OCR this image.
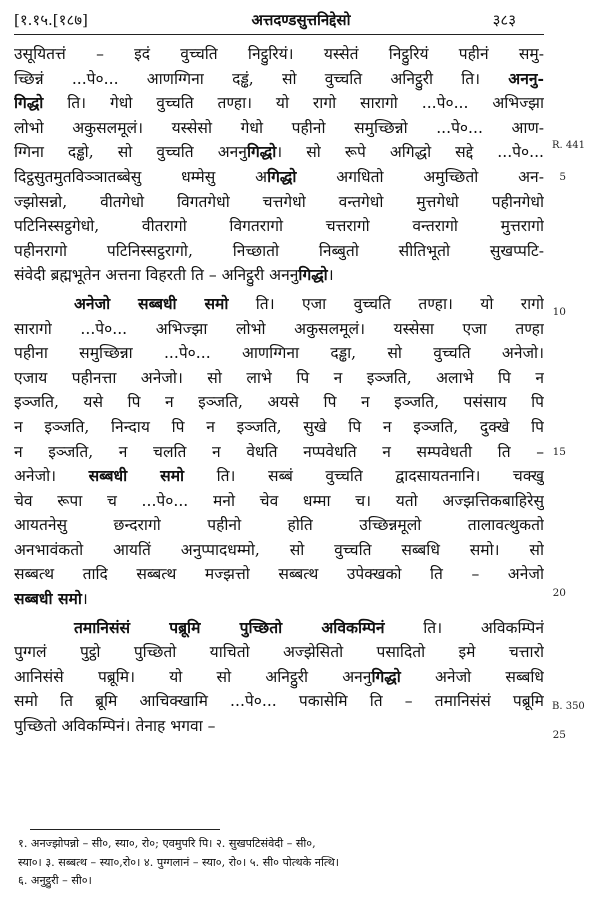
[१.१५.[१८७]	अत्तदण्डसुत्तनिद्देसो	३८३
उसूयितत्तं – इदं वुच्चति निट्ठुरियं। यस्सेतं निट्ठुरियं पहीनं समु-
च्छिन्नं ...पे०... आणग्गिना दड्ढं, सो वुच्चति अनिट्ठुरी ति। अननु-
गिद्धो ति। गेधो वुच्चति तण्हा। यो रागो सारागो ...पे०... अभिज्झा
लोभो अकुसलमूलं। यस्सेसो गेधो पहीनो समुच्छिन्नो ...पे०... आण-
ग्गिना दड्ढो, सो वुच्चति अननुगिद्धो। सो रूपे अगिद्धो सद्दे ...पे०...
दिट्ठसुतमुतविञ्ञातब्बेसु धम्मेसु अगिद्धो अगधितो अमुच्छितो अन-
ज्झोसन्नो, वीतगेधो विगतगेधो चत्तगेधो वन्तगेधो मुत्तगेधो पहीनगेधो
पटिनिस्सट्ठगेधो, वीतरागो विगतरागो चत्तरागो वन्तरागो मुत्तरागो
पहीनरागो पटिनिस्सट्ठरागो, निच्छातो निब्बुतो सीतिभूतो सुखप्पटि-
संवेदी ब्रह्मभूतेन अत्तना विहरती ति – अनिट्ठुरी अननुगिद्धो।
अनेजो सब्बधी समो ति। एजा वुच्चति तण्हा। यो रागो
सारागो ...पे०... अभिज्झा लोभो अकुसलमूलं। यस्सेसा एजा तण्हा
पहीना समुच्छिन्ना ...पे०... आणग्गिना दड्ढा, सो वुच्चति अनेजो।
एजाय पहीनत्ता अनेजो। सो लाभे पि न इञ्जति, अलाभे पि न
इञ्जति, यसे पि न इञ्जति, अयसे पि न इञ्जति, पसंसाय पि
न इञ्जति, निन्दाय पि न इञ्जति, सुखे पि न इञ्जति, दुक्खे पि
न इञ्जति, न चलति न वेधति नप्पवेधति न सम्पवेधती ति –
अनेजो। सब्बधी समो ति। सब्बं वुच्चति द्वादसायतनानि। चक्खु
चेव रूपा च ...पे०... मनो चेव धम्मा च। यतो अज्झत्तिकबाहिरेसु
आयतनेसु छन्दरागो पहीनो होति उच्छिन्नमूलो तालावत्थुकतो
अनभावंकतो आयतिं अनुप्पादधम्मो, सो वुच्चति सब्बधि समो। सो
सब्बत्थ तादि सब्बत्थ मज्झत्तो सब्बत्थ उपेक्खको ति – अनेजो
सब्बधी समो।
तमानिसंसं पब्रूमि पुच्छितो अविकम्पिनं ति। अविकम्पिनं
पुग्गलं पुट्ठो पुच्छितो याचितो अज्झेसितो पसादितो इमे चत्तारो
आनिसंसे पब्रूमि। यो सो अनिट्ठुरी अननुगिद्धो अनेजो सब्बधि
समो ति ब्रूमि आचिक्खामि ...पे०... पकासेमि ति – तमानिसंसं पब्रूमि
पुच्छितो अविकम्पिनं। तेनाह भगवा –
R. 441
B. 350
5
10
15
20
25
१. अनज्झोपन्नो – सी०, स्या०, रो०; एवमुपरि पि। २. सुखपटिसंवेदी – सी०,
स्या०। ३. सब्बत्थ – स्या०,रो०। ४. पुग्गलानं – स्या०, रो०। ५. सी० पोत्थके नत्थि।
६. अनुट्ठुरी – सी०।
